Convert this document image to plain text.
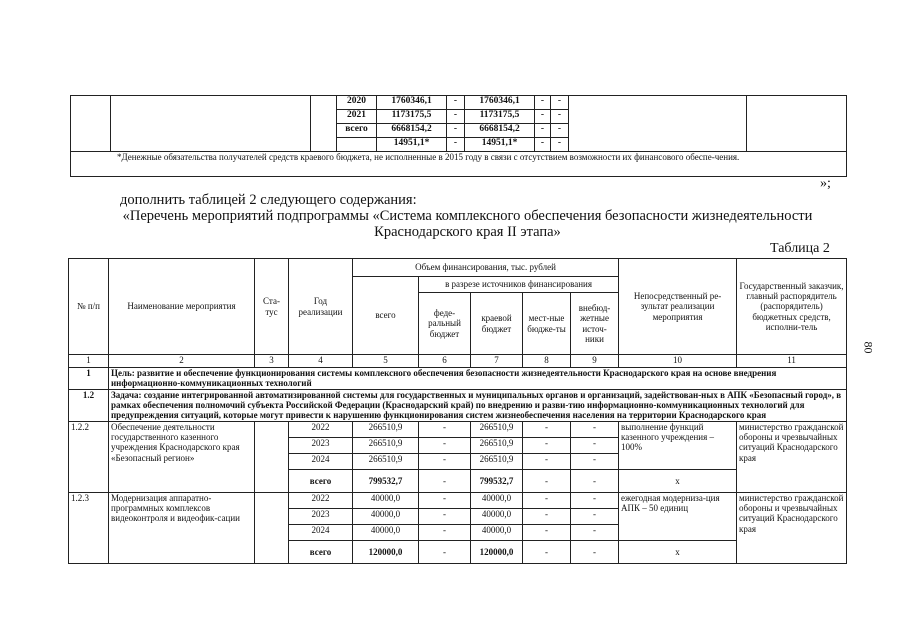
			2020	1760346,1	-	1760346,1	-	-		
			2021	1173175,5	-	1173175,5	-	-		
			всего	6668154,2	-	6668154,2	-	-		
				14951,1*	-	14951,1*	-	-		
*Денежные обязательства получателей средств краевого бюджета, не исполненные в 2015 году в связи с отсутствием возможности их финансового обеспе-чения.										
»;
дополнить таблицей 2 следующего содержания:
«Перечень мероприятий подпрограммы «Система комплексного обеспечения безопасности жизнедеятельности
Краснодарского края II этапа»
Таблица 2
№ п/п	Наименование мероприятия	Ста-тус	Год реализации	Объем финансирования, тыс. рублей					Непосредственный ре-зультат реализации мероприятия	Государственный заказчик, главный распорядитель (распорядитель) бюджетных средств, исполни-тель
				всего	в разрезе источников финансирования					
					феде-ральный бюджет	краевой бюджет	мест-ные бюдже-ты	внебюд-жетные источ-ники		
1	2	3	4	5	6	7	8	9	10	11
1	Цель: развитие и обеспечение функционирования системы комплексного обеспечения безопасности жизнедеятельности Краснодарского края на основе внедрения информационно-коммуникационных технологий									
1.2	Задача: создание интегрированной автоматизированной системы для государственных и муниципальных органов и организаций, задействован-ных в АПК «Безопасный город», в рамках обеспечения полномочий субъекта Российской Федерации (Краснодарский край) по внедрению и разви-тию информационно-коммуникационных технологий для предупреждения ситуаций, которые могут привести к нарушению функционирования систем жизнеобеспечения населения на территории Краснодарского края									
1.2.2	Обеспечение деятельности государственного казенного учреждения Краснодарского края «Безопасный регион»		2022	266510,9	-	266510,9	-	-	выполнение функций казенного учреждения – 100%	министерство гражданской обороны и чрезвычайных ситуаций Краснодарского края
			2023	266510,9	-	266510,9	-	-		
			2024	266510,9	-	266510,9	-	-		
			всего	799532,7	-	799532,7	-	-	x	
1.2.3	Модернизация аппаратно-программных комплексов видеоконтроля и видеофик-сации		2022	40000,0	-	40000,0	-	-	ежегодная модерниза-ция АПК – 50 единиц	министерство гражданской обороны и чрезвычайных ситуаций Краснодарского края
			2023	40000,0	-	40000,0	-	-		
			2024	40000,0	-	40000,0	-	-		
			всего	120000,0	-	120000,0	-	-	x	
80
